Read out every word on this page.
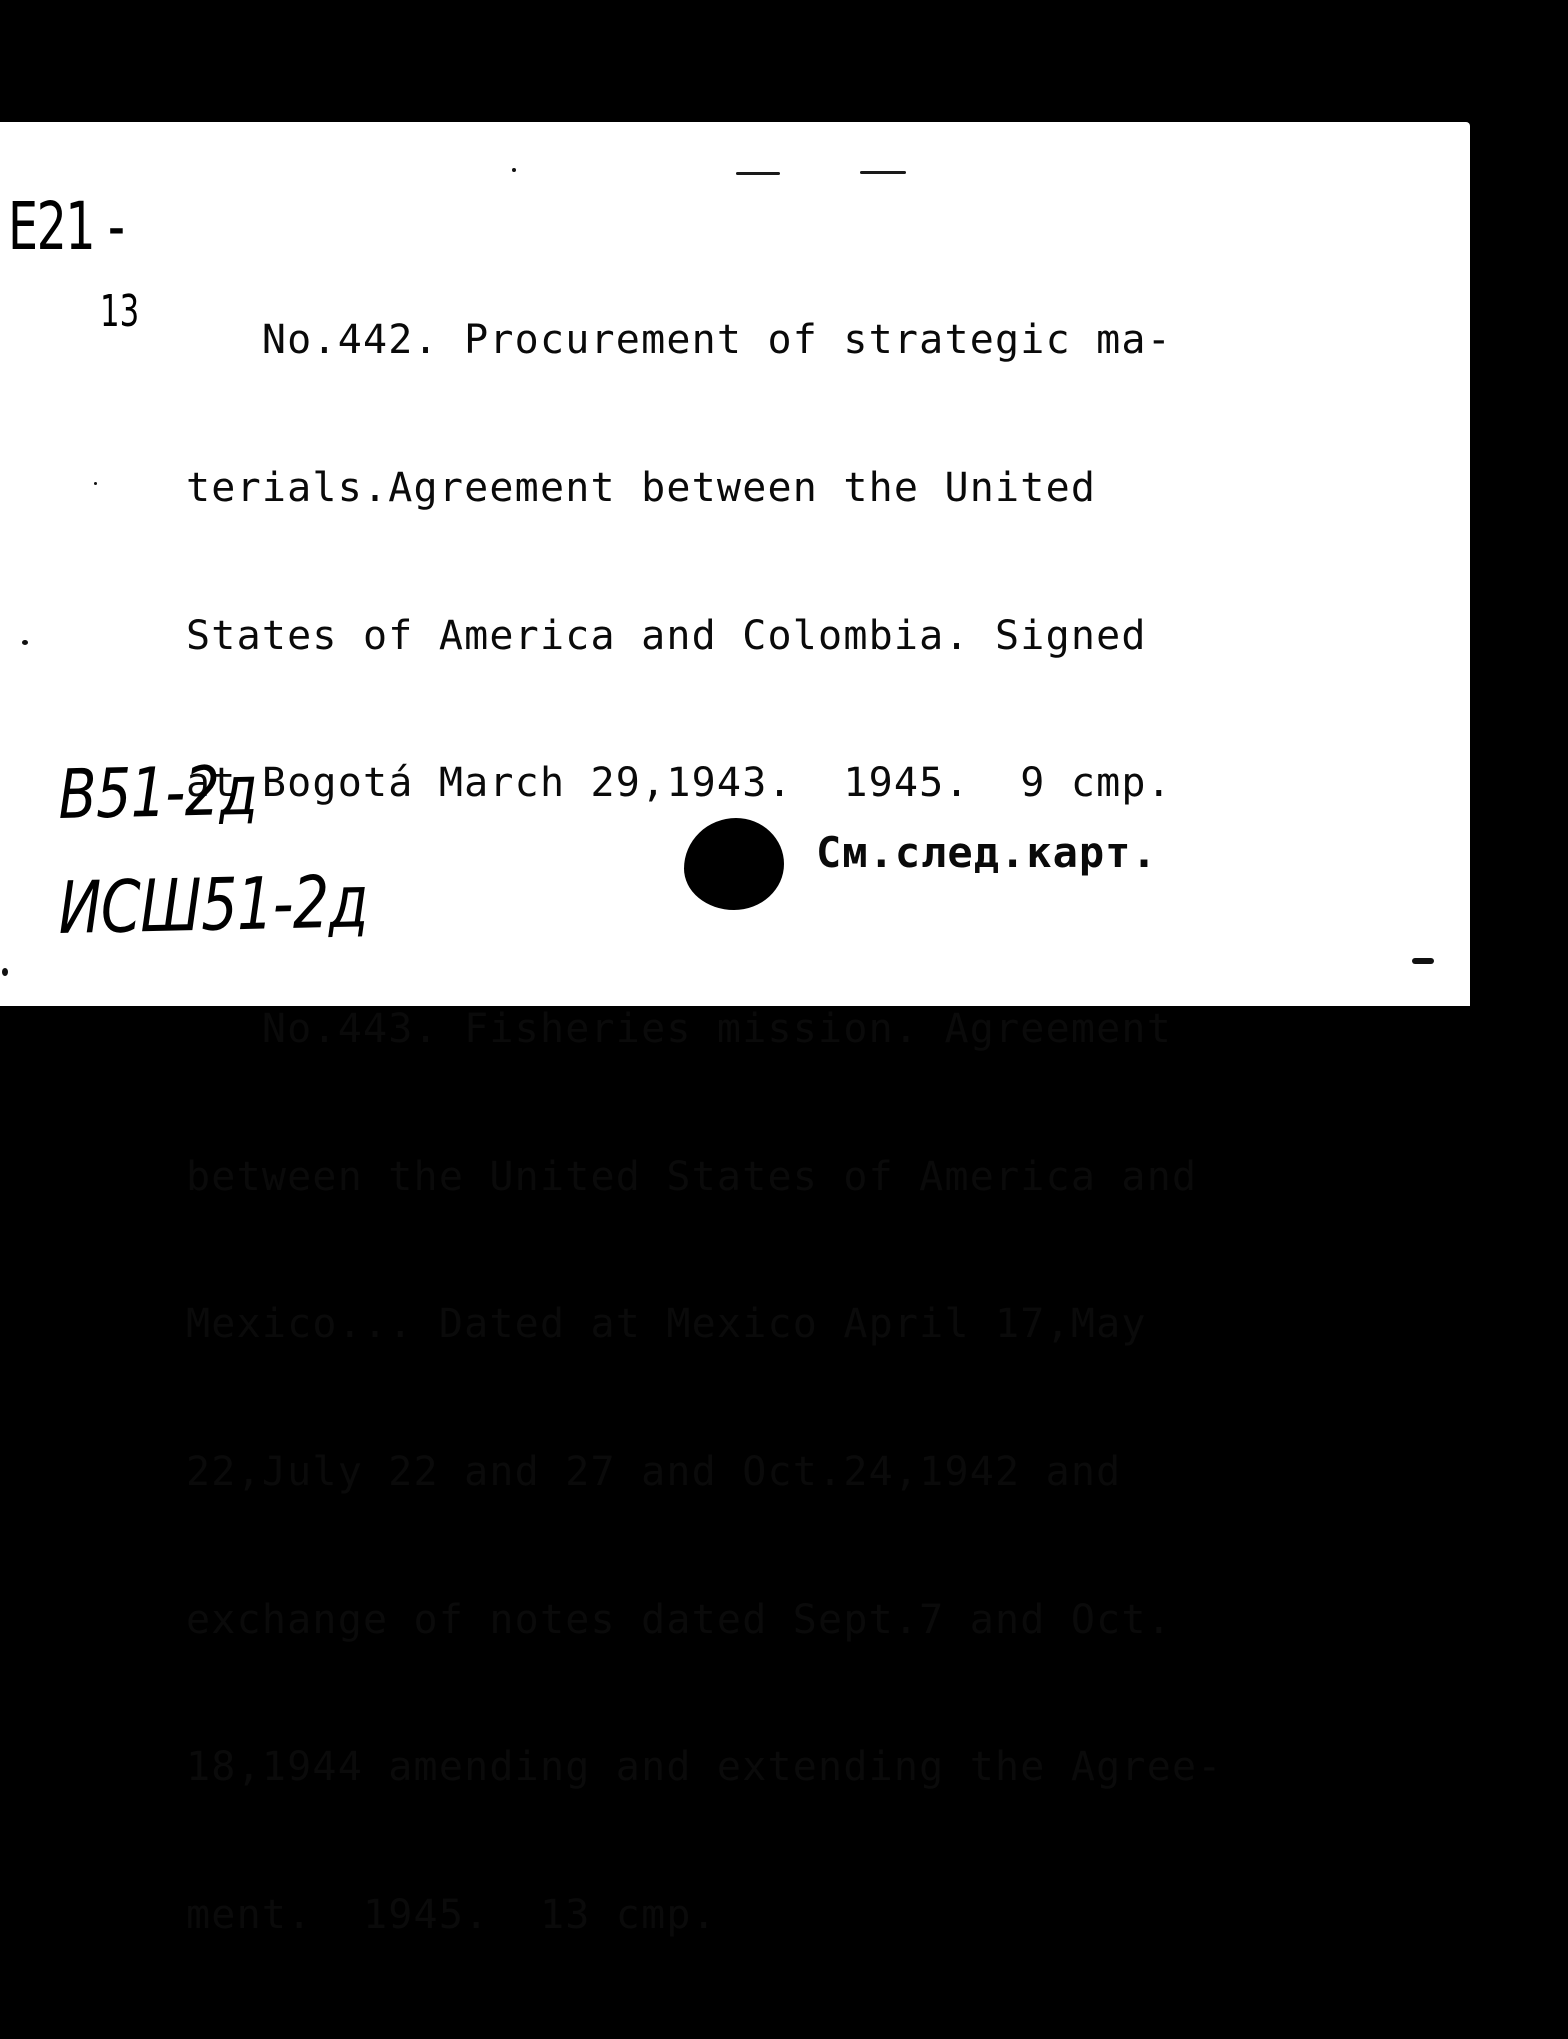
E21 -
13

No.442. Procurement of strategic ma-

terials.Agreement between the United

States of America and Colombia. Signed

at Bogotá March 29,1943.  1945.  9 cmp.

No.443. Fisheries mission. Agreement

between the United States of America and

Mexico... Dated at Mexico April 17,May

22,July 22 and 27 and Oct.24,1942 and

exchange of notes dated Sept.7 and Oct.

18,1944 amending and extending the Agree-

ment.  1945.  13 cmp.

B51-2д
ИСШ51-2д
См.след.карт.
